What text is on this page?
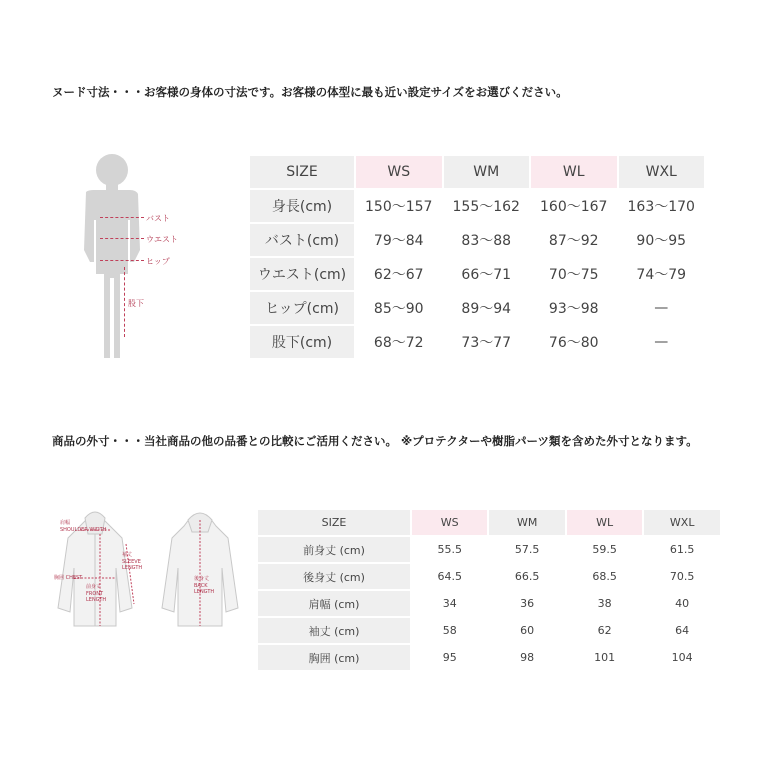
ヌード寸法・・・お客様の身体の寸法です。お客様の体型に最も近い設定サイズをお選びください。
バスト
ウエスト
ヒップ
股下
SIZE	WS	WM	WL	WXL
身長(cm)	150〜157	155〜162	160〜167	163〜170
バスト(cm)	79〜84	83〜88	87〜92	90〜95
ウエスト(cm)	62〜67	66〜71	70〜75	74〜79
ヒップ(cm)	85〜90	89〜94	93〜98	—
股下(cm)	68〜72	73〜77	76〜80	—
商品の外寸・・・当社商品の他の品番との比較にご活用ください。 ※プロテクターや樹脂パーツ類を含めた外寸となります。
肩幅
SHOULDER WIDTH
袖丈
SLEEVE
LENGTH
胸囲 CHEST
前身丈
FRONT
LENGTH
後身丈
BACK
LENGTH
SIZE	WS	WM	WL	WXL
前身丈 (cm)	55.5	57.5	59.5	61.5
後身丈 (cm)	64.5	66.5	68.5	70.5
肩幅 (cm)	34	36	38	40
袖丈 (cm)	58	60	62	64
胸囲 (cm)	95	98	101	104
